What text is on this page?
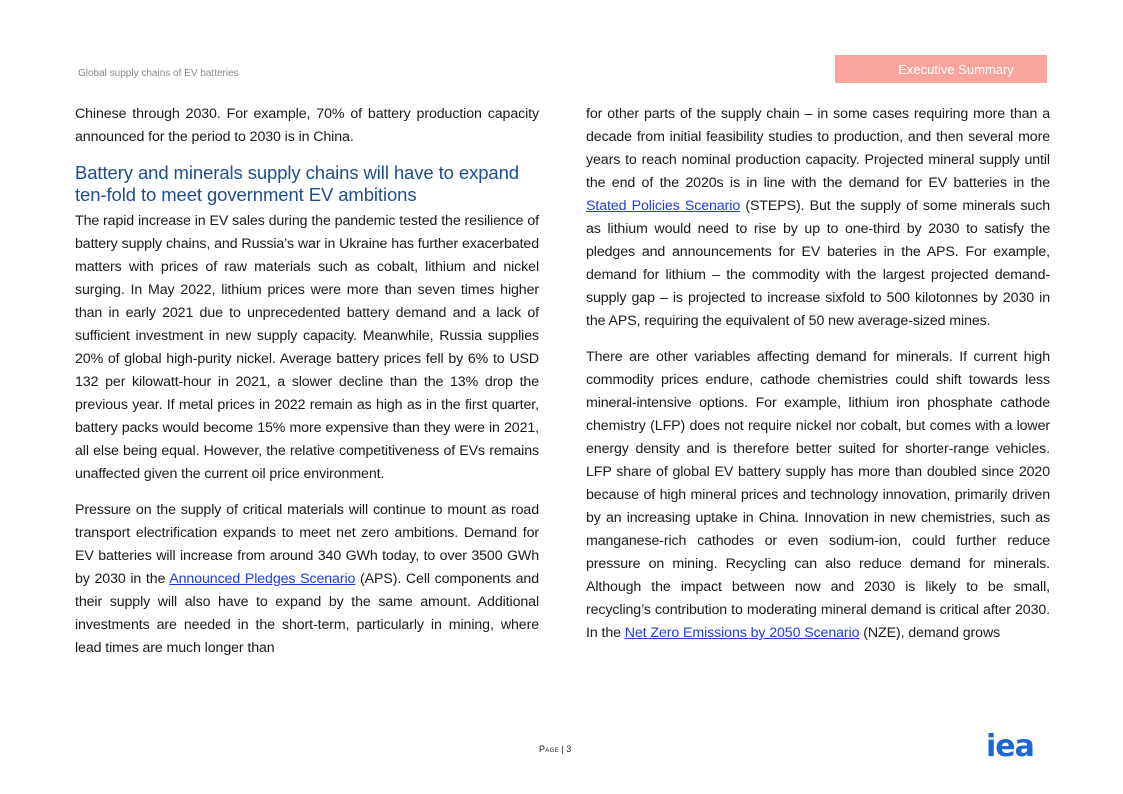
Global supply chains of EV batteries	Executive Summary

Chinese through 2030. For example, 70% of battery production capacity announced for the period to 2030 is in China.

Battery and minerals supply chains will have to expand ten-fold to meet government EV ambitions

The rapid increase in EV sales during the pandemic tested the resilience of battery supply chains, and Russia’s war in Ukraine has further exacerbated matters with prices of raw materials such as cobalt, lithium and nickel surging. In May 2022, lithium prices were more than seven times higher than in early 2021 due to unprecedented battery demand and a lack of sufficient investment in new supply capacity. Meanwhile, Russia supplies 20% of global high-purity nickel. Average battery prices fell by 6% to USD 132 per kilowatt-hour in 2021, a slower decline than the 13% drop the previous year. If metal prices in 2022 remain as high as in the first quarter, battery packs would become 15% more expensive than they were in 2021, all else being equal. However, the relative competitiveness of EVs remains unaffected given the current oil price environment.

Pressure on the supply of critical materials will continue to mount as road transport electrification expands to meet net zero ambitions. Demand for EV batteries will increase from around 340 GWh today, to over 3500 GWh by 2030 in the Announced Pledges Scenario (APS). Cell components and their supply will also have to expand by the same amount. Additional investments are needed in the short-term, particularly in mining, where lead times are much longer than

for other parts of the supply chain – in some cases requiring more than a decade from initial feasibility studies to production, and then several more years to reach nominal production capacity. Projected mineral supply until the end of the 2020s is in line with the demand for EV batteries in the Stated Policies Scenario (STEPS). But the supply of some minerals such as lithium would need to rise by up to one-third by 2030 to satisfy the pledges and announcements for EV bateries in the APS. For example, demand for lithium – the commodity with the largest projected demand-supply gap – is projected to increase sixfold to 500 kilotonnes by 2030 in the APS, requiring the equivalent of 50 new average-sized mines.

There are other variables affecting demand for minerals. If current high commodity prices endure, cathode chemistries could shift towards less mineral-intensive options. For example, lithium iron phosphate cathode chemistry (LFP) does not require nickel nor cobalt, but comes with a lower energy density and is therefore better suited for shorter-range vehicles. LFP share of global EV battery supply has more than doubled since 2020 because of high mineral prices and technology innovation, primarily driven by an increasing uptake in China. Innovation in new chemistries, such as manganese-rich cathodes or even sodium-ion, could further reduce pressure on mining. Recycling can also reduce demand for minerals. Although the impact between now and 2030 is likely to be small, recycling’s contribution to moderating mineral demand is critical after 2030. In the Net Zero Emissions by 2050 Scenario (NZE), demand grows

Page | 3	iea
